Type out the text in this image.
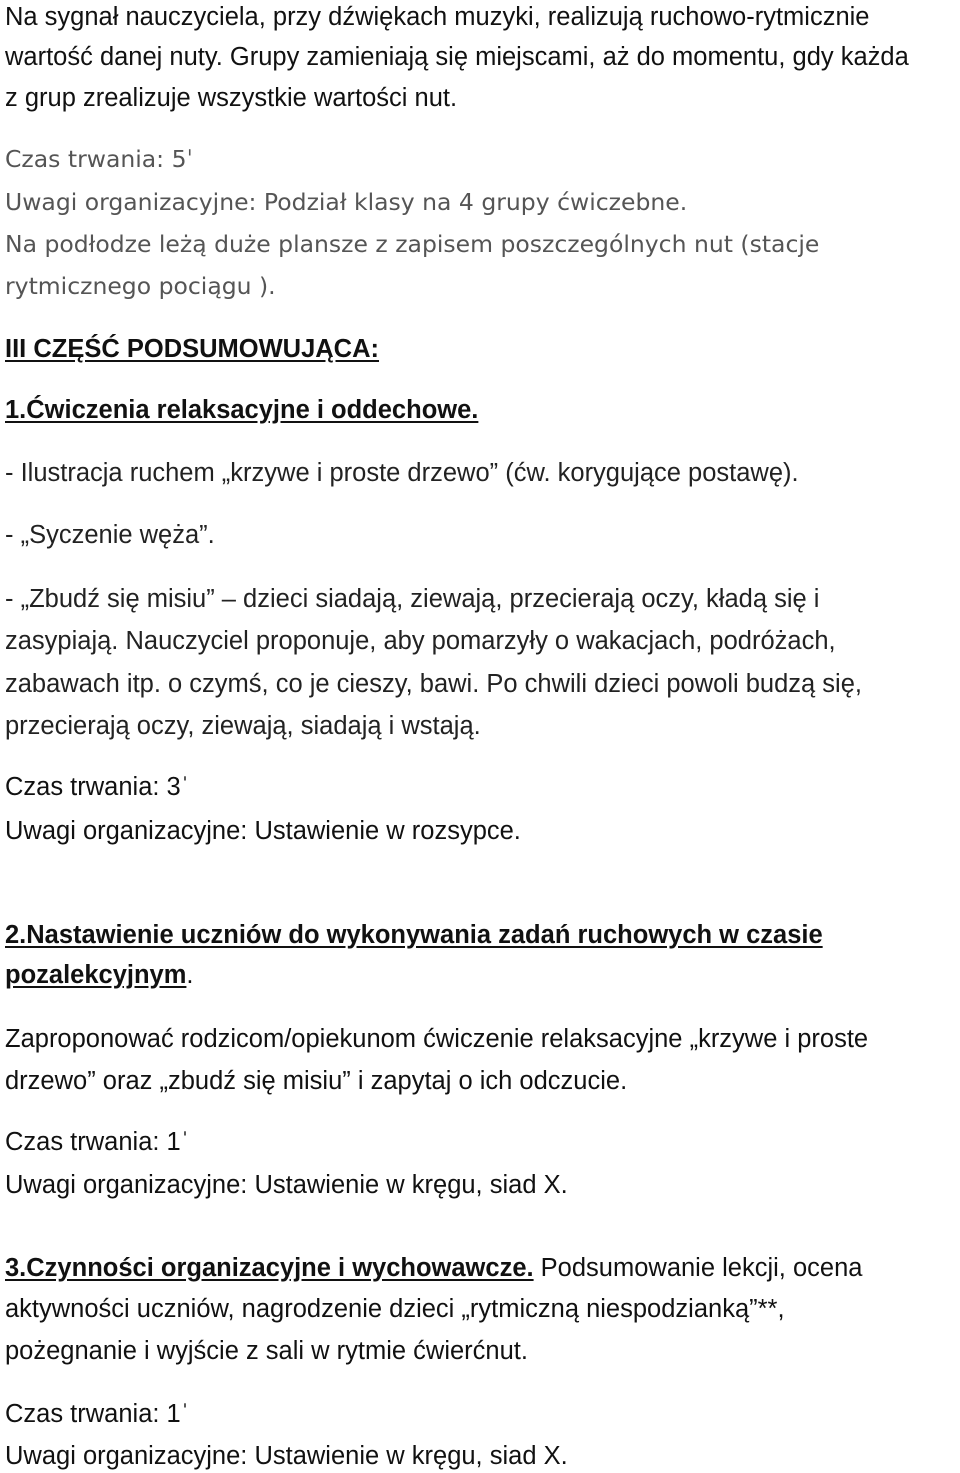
Na sygnał nauczyciela, przy dźwiękach muzyki, realizują ruchowo-rytmicznie
wartość danej nuty. Grupy zamieniają się miejscami, aż do momentu, gdy każda
z grup zrealizuje wszystkie wartości nut.
Czas trwania: 5ˈ
Uwagi organizacyjne: Podział klasy na 4 grupy ćwiczebne.
Na podłodze leżą duże plansze z zapisem poszczególnych nut (stacje
rytmicznego pociągu ).
III CZĘŚĆ PODSUMOWUJĄCA:
1.Ćwiczenia relaksacyjne i oddechowe.
- Ilustracja ruchem „krzywe i proste drzewo” (ćw. korygujące postawę).
- „Syczenie węża”.
- „Zbudź się misiu” – dzieci siadają, ziewają, przecierają oczy, kładą się i
zasypiają. Nauczyciel proponuje, aby pomarzyły o wakacjach, podróżach,
zabawach itp. o czymś, co je cieszy, bawi. Po chwili dzieci powoli budzą się,
przecierają oczy, ziewają, siadają i wstają.
Czas trwania: 3ˈ
Uwagi organizacyjne: Ustawienie w rozsypce.
2.Nastawienie uczniów do wykonywania zadań ruchowych w czasie
pozalekcyjnym.
Zaproponować rodzicom/opiekunom ćwiczenie relaksacyjne „krzywe i proste
drzewo” oraz „zbudź się misiu” i zapytaj o ich odczucie.
Czas trwania: 1ˈ
Uwagi organizacyjne: Ustawienie w kręgu, siad X.
3.Czynności organizacyjne i wychowawcze. Podsumowanie lekcji, ocena
aktywności uczniów, nagrodzenie dzieci „rytmiczną niespodzianką”**,
pożegnanie i wyjście z sali w rytmie ćwierćnut.
Czas trwania: 1ˈ
Uwagi organizacyjne: Ustawienie w kręgu, siad X.
